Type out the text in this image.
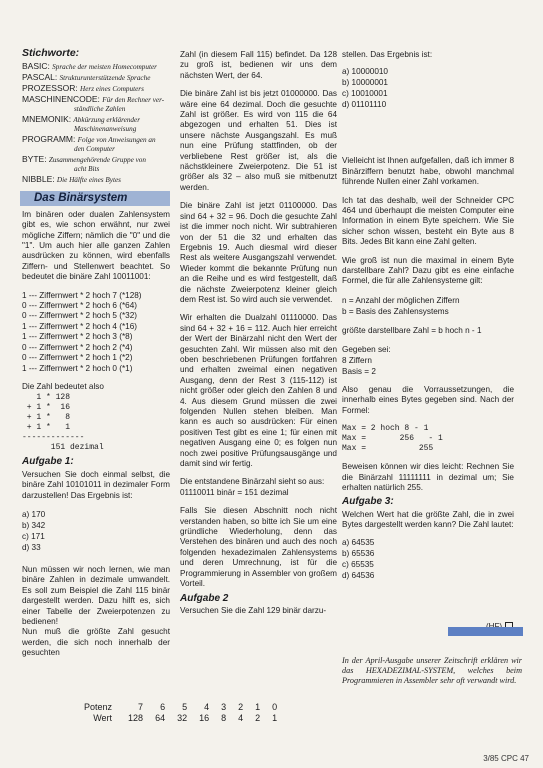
Stichworte:
BASIC: Sprache der meisten Homecomputer
PASCAL: Strukturunterstützende Sprache
PROZESSOR: Herz eines Computers
MASCHINENCODE: Für den Rechner ver-
ständliche Zahlen
MNEMONIK: Abkürzung erklärender
Maschinenanweisung
PROGRAMM: Folge von Anweisungen an
den Computer
BYTE: Zusammengehörende Gruppe von
acht Bits
NIBBLE: Die Hälfte eines Bytes
Das Binärsystem

Im binären oder dualen Zahlensystem gibt es, wie schon erwähnt, nur zwei mögliche Ziffern; nämlich die "0" und die "1". Um auch hier alle ganzen Zahlen ausdrücken zu können, wird ebenfalls Ziffern- und Stellenwert beachtet. So bedeutet die binäre Zahl 10011001:

1 --- Ziffernwert * 2 hoch 7 (*128)
0 --- Ziffernwert * 2 hoch 6 (*64)
0 --- Ziffernwert * 2 hoch 5 (*32)
1 --- Ziffernwert * 2 hoch 4 (*16)
1 --- Ziffernwert * 2 hoch 3 (*8)
0 --- Ziffernwert * 2 hoch 2 (*4)
0 --- Ziffernwert * 2 hoch 1 (*2)
1 --- Ziffernwert * 2 hoch 0 (*1)

Die Zahl bedeutet also

1 * 128
+ 1 *  16
+ 1 *   8
+ 1 *   1
-------------
151 dezimal
Aufgabe 1:

Versuchen Sie doch einmal selbst, die binäre Zahl 10101011 in dezimaler Form darzustellen! Das Ergebnis ist:

a) 170
b) 342
c) 171
d) 33

Nun müssen wir noch lernen, wie man binäre Zahlen in dezimale umwandelt. Es soll zum Beispiel die Zahl 115 binär dargestellt werden. Dazu hilft es, sich einer Tabelle der Zweierpotenzen zu bedienen!

Nun muß die größte Zahl gesucht werden, die sich noch innerhalb der gesuchten

Zahl (in diesem Fall 115) befindet. Da 128 zu groß ist, bedienen wir uns dem nächsten Wert, der 64.

Die binäre Zahl ist bis jetzt 01000000. Das wäre eine 64 dezimal. Doch die gesuchte Zahl ist größer. Es wird von 115 die 64 abgezogen und erhalten 51. Dies ist unsere nächste Ausgangszahl. Es muß nun eine Prüfung stattfinden, ob der verbliebene Rest größer ist, als die nächstkleinere Zweierpotenz. Die 51 ist größer als 32 – also muß sie mitbenutzt werden.

Die binäre Zahl ist jetzt 01100000. Das sind 64 + 32 = 96. Doch die gesuchte Zahl ist die immer noch nicht. Wir subtrahieren von der 51 die 32 und erhalten das Ergebnis 19. Auch diesmal wird dieser Rest als weitere Ausgangszahl verwendet. Wieder kommt die bekannte Prüfung nun an die Reihe und es wird festgestellt, daß die nächste Zweierpotenz kleiner gleich dem Rest ist. So wird auch sie verwendet.

Wir erhalten die Dualzahl 01110000. Das sind 64 + 32 + 16 = 112. Auch hier erreicht der Wert der Binärzahl nicht den Wert der gesuchten Zahl. Wir müssen also mit den oben beschriebenen Prüfungen fortfahren und erhalten zweimal einen negativen Ausgang, denn der Rest 3 (115-112) ist nicht größer oder gleich den Zahlen 8 und 4. Aus diesem Grund müssen die zwei folgenden Nullen stehen bleiben. Man kann es auch so ausdrücken: Für einen positiven Test gibt es eine 1; für einen mit negativen Ausgang eine 0; es folgen nun noch zwei positive Prüfungsausgänge und damit sind wir fertig.

Die entstandene Binärzahl sieht so aus:

01110011 binär = 151 dezimal

Falls Sie diesen Abschnitt noch nicht verstanden haben, so bitte ich Sie um eine gründliche Wiederholung, denn das Verstehen des binären und auch des noch folgenden hexadezimalen Zahlensystems und deren Umrechnung, ist für die Programmierung in Assembler von großem Vorteil.

Aufgabe 2

Versuchen Sie die Zahl 129 binär darzu-

stellen. Das Ergebnis ist:

a) 10000010
b) 10000001
c) 10010001
d) 01101110

Vielleicht ist Ihnen aufgefallen, daß ich immer 8 Binärziffern benutzt habe, obwohl manchmal führende Nullen einer Zahl vorkamen.

Ich tat das deshalb, weil der Schneider CPC 464 und überhaupt die meisten Computer eine Information in einem Byte speichern. Wie Sie sicher schon wissen, besteht ein Byte aus 8 Bits. Jedes Bit kann eine Zahl gelten.

Wie groß ist nun die maximal in einem Byte darstellbare Zahl? Dazu gibt es eine einfache Formel, die für alle Zahlensysteme gilt:

n = Anzahl der möglichen Ziffern
b = Basis des Zahlensystems
größte darstellbare Zahl = b hoch n - 1
Gegeben sei:
8 Ziffern
Basis = 2

Also genau die Vorraussetzungen, die innerhalb eines Bytes gegeben sind. Nach der Formel:

Max = 2 hoch 8 - 1
Max =       256   - 1
Max =           255

Beweisen können wir dies leicht: Rechnen Sie die Binärzahl 11111111 in dezimal um; Sie erhalten natürlich 255.

Aufgabe 3:

Welchen Wert hat die größte Zahl, die in zwei Bytes dargestellt werden kann? Die Zahl lautet:

a) 64535
b) 65536
c) 65535
d) 64536
In der April-Ausgabe unserer Zeitschrift erklären wir das HEXADEZIMAL-SYSTEM, welches beim Programmieren in Assembler sehr oft verwandt wird.
Potenz	7	6	5	4	3	2	1	0
Wert	128	64	32	16	8	4	2	1
3/85 CPC 47
